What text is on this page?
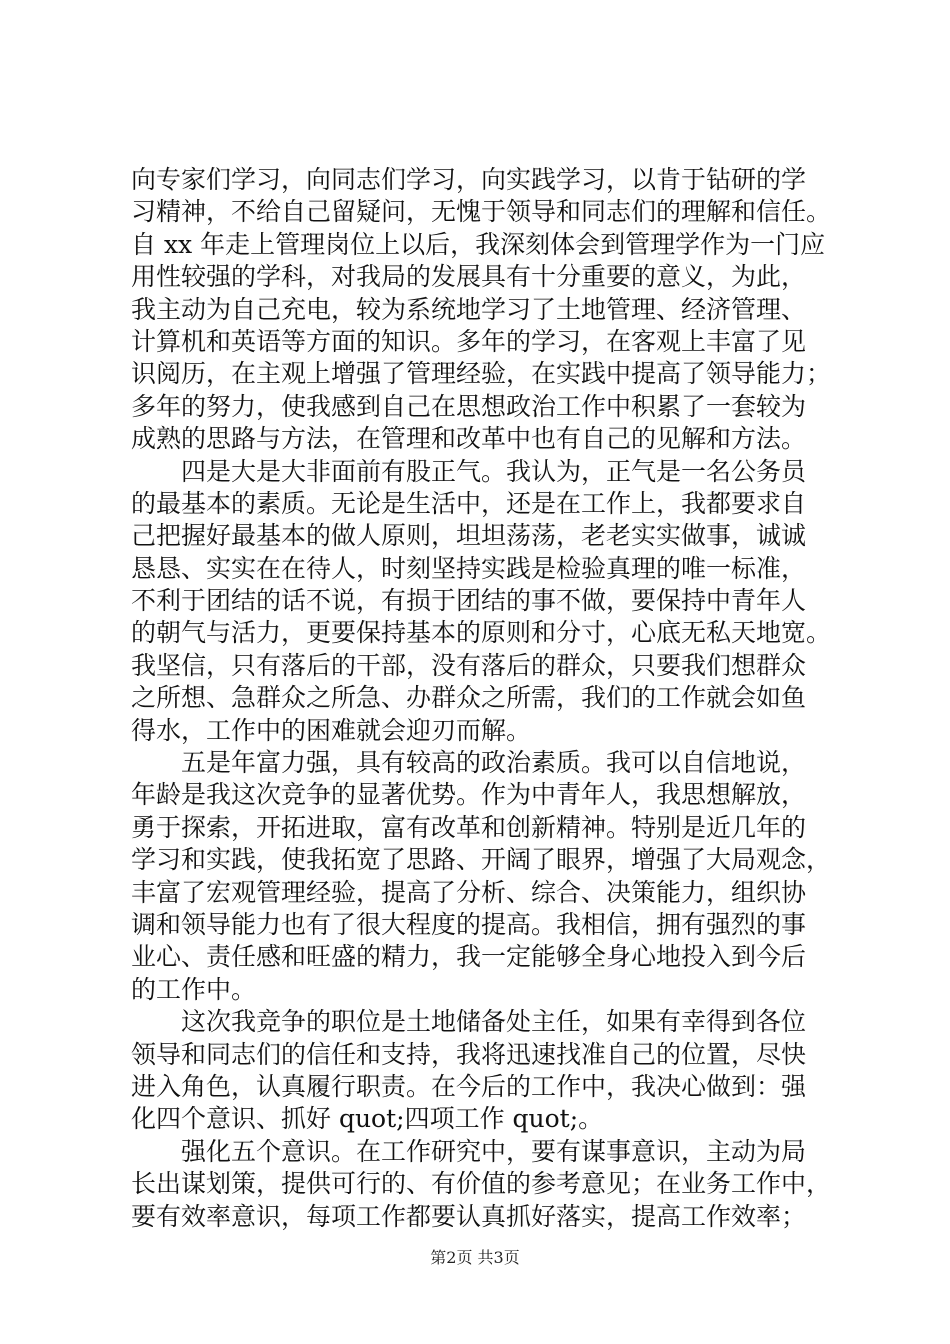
向专家们学习，向同志们学习，向实践学习，以肯于钻研的学
习精神，不给自己留疑问，无愧于领导和同志们的理解和信任。
自 xx 年走上管理岗位上以后，我深刻体会到管理学作为一门应
用性较强的学科，对我局的发展具有十分重要的意义，为此，
我主动为自己充电，较为系统地学习了土地管理、经济管理、
计算机和英语等方面的知识。多年的学习，在客观上丰富了见
识阅历，在主观上增强了管理经验，在实践中提高了领导能力；
多年的努力，使我感到自己在思想政治工作中积累了一套较为
成熟的思路与方法，在管理和改革中也有自己的见解和方法。
　　四是大是大非面前有股正气。我认为，正气是一名公务员
的最基本的素质。无论是生活中，还是在工作上，我都要求自
己把握好最基本的做人原则，坦坦荡荡，老老实实做事，诚诚
恳恳、实实在在待人，时刻坚持实践是检验真理的唯一标准，
不利于团结的话不说，有损于团结的事不做，要保持中青年人
的朝气与活力，更要保持基本的原则和分寸，心底无私天地宽。
我坚信，只有落后的干部，没有落后的群众，只要我们想群众
之所想、急群众之所急、办群众之所需，我们的工作就会如鱼
得水，工作中的困难就会迎刃而解。
　　五是年富力强，具有较高的政治素质。我可以自信地说，
年龄是我这次竞争的显著优势。作为中青年人，我思想解放，
勇于探索，开拓进取，富有改革和创新精神。特别是近几年的
学习和实践，使我拓宽了思路、开阔了眼界，增强了大局观念，
丰富了宏观管理经验，提高了分析、综合、决策能力，组织协
调和领导能力也有了很大程度的提高。我相信，拥有强烈的事
业心、责任感和旺盛的精力，我一定能够全身心地投入到今后
的工作中。
　　这次我竞争的职位是土地储备处主任，如果有幸得到各位
领导和同志们的信任和支持，我将迅速找准自己的位置，尽快
进入角色，认真履行职责。在今后的工作中，我决心做到：强
化四个意识、抓好 quot;四项工作 quot;。
　　强化五个意识。在工作研究中，要有谋事意识，主动为局
长出谋划策，提供可行的、有价值的参考意见；在业务工作中，
要有效率意识，每项工作都要认真抓好落实，提高工作效率；
第2页 共3页
